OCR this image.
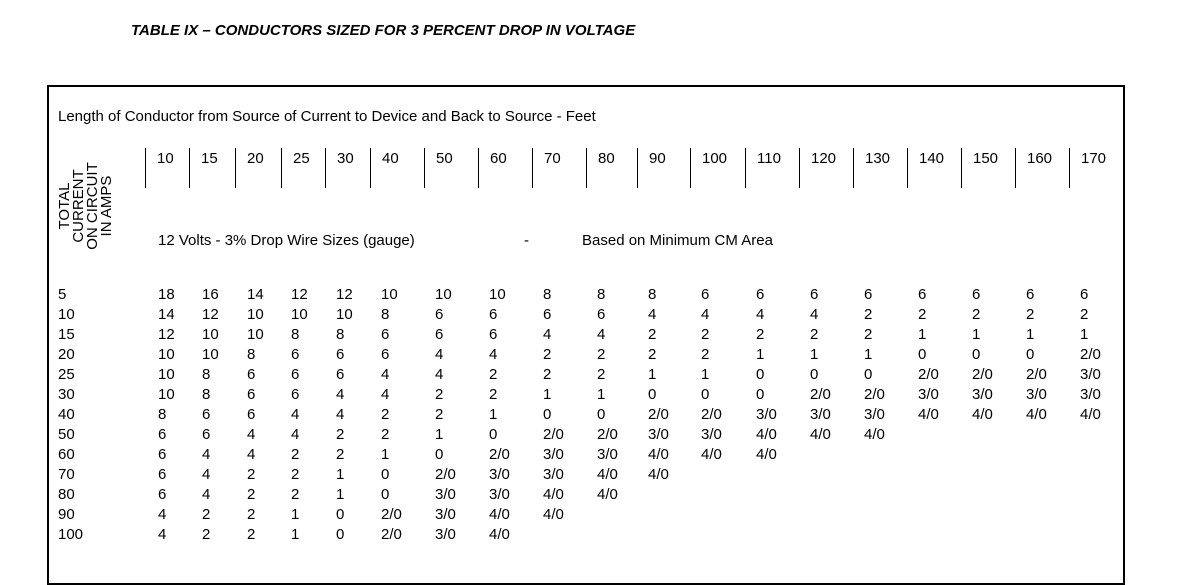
TABLE IX – CONDUCTORS SIZED FOR 3 PERCENT DROP IN VOLTAGE
Length of Conductor from Source of Current to Device and Back to Source - Feet
10 15 20 25 30 40 50 60 70 80 90 100 110 120 130 140 150 160 170
TOTAL
CURRENT
ON CIRCUIT
IN AMPS
12 Volts - 3% Drop Wire Sizes (gauge)	-	Based on Minimum CM Area
5	18 16 14 12 12 10 10 10 8	8	8	6	6	6	6	6	6	6	6
10	14 12 10 10 10 8	6	6	6	6	4	4	4	4	2	2	2	2	2
15	12 10 10 8 8 6	6	6	4	4	2	2	2	2	2	1	1	1	1
20	10 10 8 6 6 6	4	4	2	2	2	2	1	1	1	0	0	0	2/0
25	10 8 6 6 6 4	4	2	2	2	1	1	0	0	0	2/0 2/0 2/0 3/0
30	10 8 6 6 4 4	2	2	1	1	0	0	0	2/0 2/0 3/0 3/0 3/0 3/0
40	8 6 6 4 4 2	2	1	0	0	2/0 2/0 3/0 3/0 3/0 4/0 4/0 4/0 4/0
50	6 6 4 4 2 2	1	0	2/0 2/0 3/0 3/0 4/0 4/0 4/0
60	6 4 4 2 2 1	0	2/0 3/0 3/0 4/0 4/0 4/0
70	6 4 2 2 1 0	2/0 3/0 3/0 4/0 4/0
80	6 4 2 2 1 0	3/0 3/0 4/0 4/0
90	4 2 2 1 0 2/0 3/0 4/0 4/0
100	4 2 2 1 0 2/0 3/0 4/0
